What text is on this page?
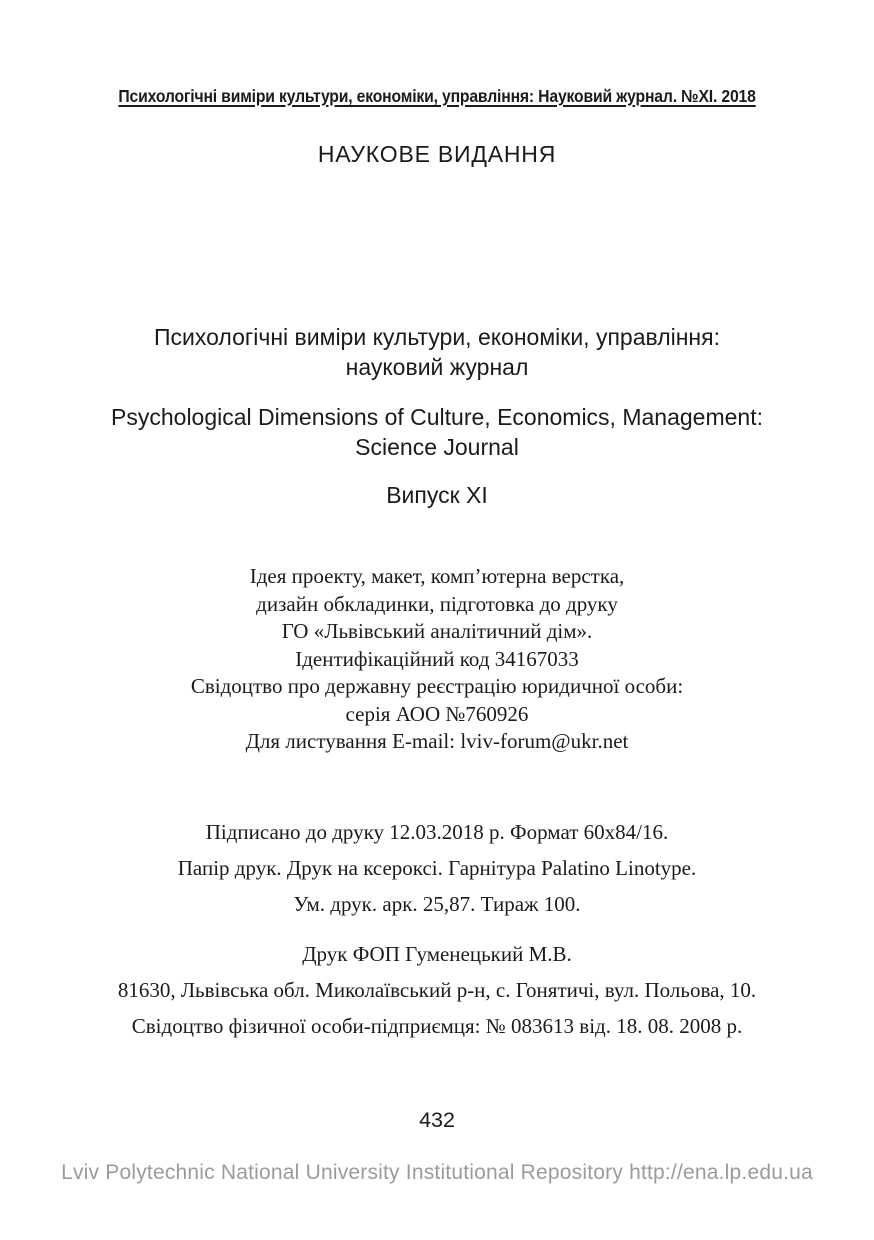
Психологічні виміри культури, економіки, управління: Науковий журнал. №XI. 2018
НАУКОВЕ ВИДАННЯ
Психологічні виміри культури, економіки, управління:
науковий журнал
Psychological Dimensions of Culture, Economics, Management:
Science Journal
Випуск XI
Ідея проекту, макет, комп’ютерна верстка,
дизайн обкладинки, підготовка до друку
ГО «Львівський аналітичний дім».
Ідентифікаційний код 34167033
Свідоцтво про державну реєстрацію юридичної особи:
серія АОО №760926
Для листування E-mail: lviv-forum@ukr.net
Підписано до друку 12.03.2018 р. Формат 60х84/16.
Папір друк. Друк на ксероксі. Гарнітура Palatino Linotype.
Ум. друк. арк. 25,87. Тираж 100.
Друк ФОП Гуменецький М.В.
81630, Львівська обл. Миколаївський р-н, с. Гонятичі, вул. Польова, 10.
Свідоцтво фізичної особи-підприємця: № 083613 від. 18. 08. 2008 р.
432
Lviv Polytechnic National University Institutional Repository http://ena.lp.edu.ua
